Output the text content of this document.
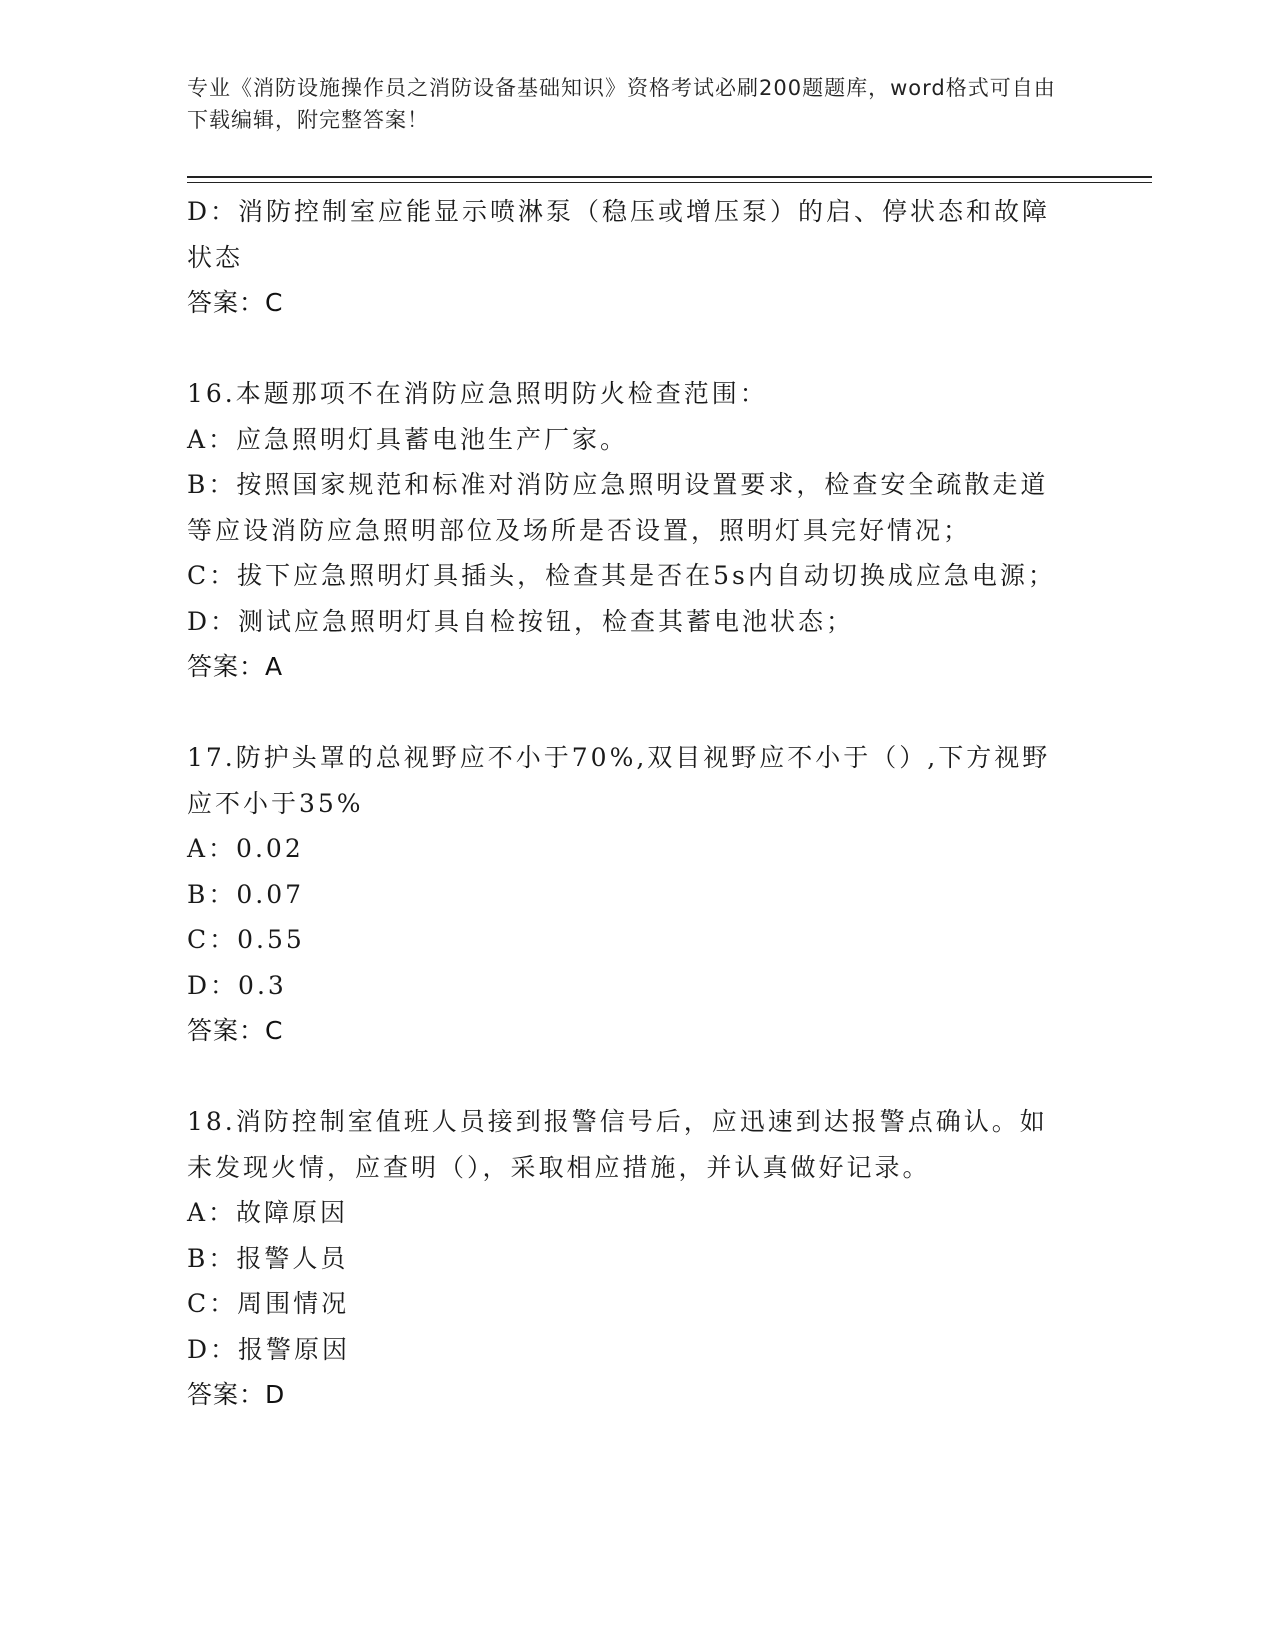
专业《消防设施操作员之消防设备基础知识》资格考试必刷200题题库，word格式可自由下载编辑，附完整答案！
D：消防控制室应能显示喷淋泵（稳压或增压泵）的启、停状态和故障
状态
答案：C
16.本题那项不在消防应急照明防火检查范围：
A：应急照明灯具蓄电池生产厂家。
B：按照国家规范和标准对消防应急照明设置要求，检查安全疏散走道
等应设消防应急照明部位及场所是否设置，照明灯具完好情况；
C：拔下应急照明灯具插头，检查其是否在5s内自动切换成应急电源；
D：测试应急照明灯具自检按钮，检查其蓄电池状态；
答案：A
17.防护头罩的总视野应不小于70%,双目视野应不小于（）,下方视野
应不小于35%
A：0.02
B：0.07
C：0.55
D：0.3
答案：C
18.消防控制室值班人员接到报警信号后，应迅速到达报警点确认。如
未发现火情，应查明（），采取相应措施，并认真做好记录。
A：故障原因
B：报警人员
C：周围情况
D：报警原因
答案：D
